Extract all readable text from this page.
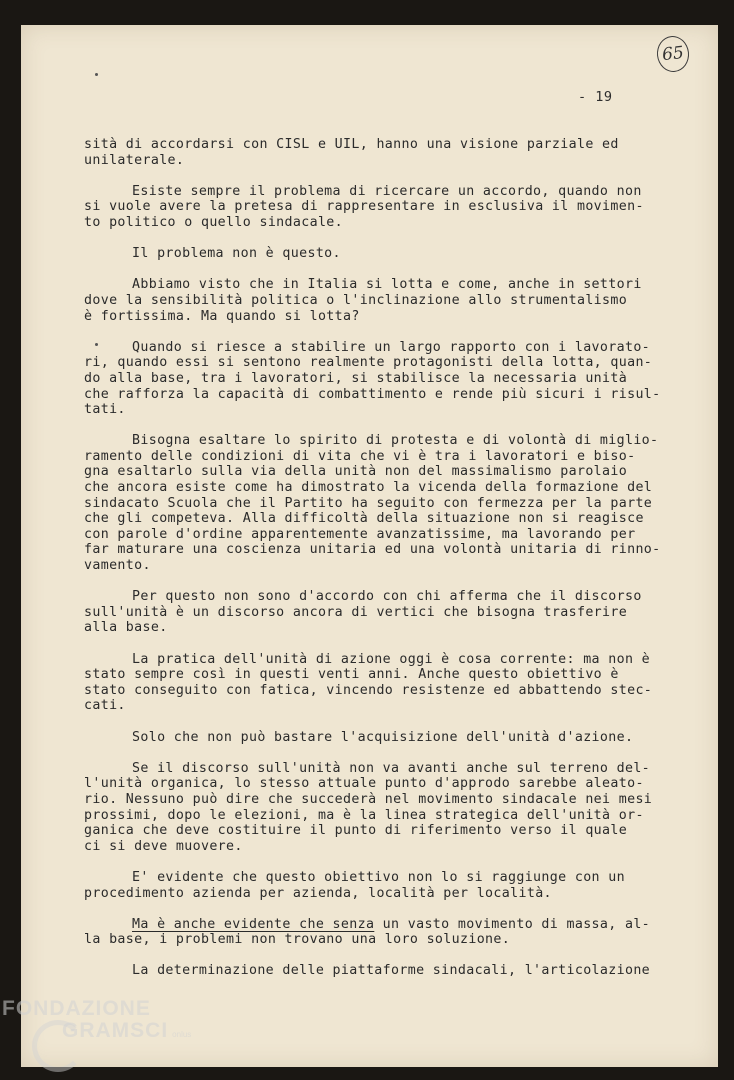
65
- 19
sità di accordarsi con CISL e UIL, hanno una visione parziale ed
unilaterale.
Esiste sempre il problema di ricercare un accordo, quando non
si vuole avere la pretesa di rappresentare in esclusiva il movimen-
to politico o quello sindacale.
Il problema non è questo.
Abbiamo visto che in Italia si lotta e come, anche in settori
dove la sensibilità politica o l'inclinazione allo strumentalismo
è fortissima. Ma quando si lotta?
Quando si riesce a stabilire un largo rapporto con i lavorato-
ri, quando essi si sentono realmente protagonisti della lotta, quan-
do alla base, tra i lavoratori, si stabilisce la necessaria unità
che rafforza la capacità di combattimento e rende più sicuri i risul-
tati.
Bisogna esaltare lo spirito di protesta e di volontà di miglio-
ramento delle condizioni di vita che vi è tra i lavoratori e biso-
gna esaltarlo sulla via della unità non del massimalismo parolaio
che ancora esiste come ha dimostrato la vicenda della formazione del
sindacato Scuola che il Partito ha seguito con fermezza per la parte
che gli competeva. Alla difficoltà della situazione non si reagisce
con parole d'ordine apparentemente avanzatissime, ma lavorando per
far maturare una coscienza unitaria ed una volontà unitaria di rinno-
vamento.
Per questo non sono d'accordo con chi afferma che il discorso
sull'unità è un discorso ancora di vertici che bisogna trasferire
alla base.
La pratica dell'unità di azione oggi è cosa corrente: ma non è
stato sempre così in questi venti anni. Anche questo obiettivo è
stato conseguito con fatica, vincendo resistenze ed abbattendo stec-
cati.
Solo che non può bastare l'acquisizione dell'unità d'azione.
Se il discorso sull'unità non va avanti anche sul terreno del-
l'unità organica, lo stesso attuale punto d'approdo sarebbe aleato-
rio. Nessuno può dire che succederà nel movimento sindacale nei mesi
prossimi, dopo le elezioni, ma è la linea strategica dell'unità or-
ganica che deve costituire il punto di riferimento verso il quale
ci si deve muovere.
E' evidente che questo obiettivo non lo si raggiunge con un
procedimento azienda per azienda, località per località.
Ma è anche evidente che senza un vasto movimento di massa, al-
la base, i problemi non trovano una loro soluzione.
La determinazione delle piattaforme sindacali, l'articolazione
FONDAZIONE
GRAMSCI onlus
